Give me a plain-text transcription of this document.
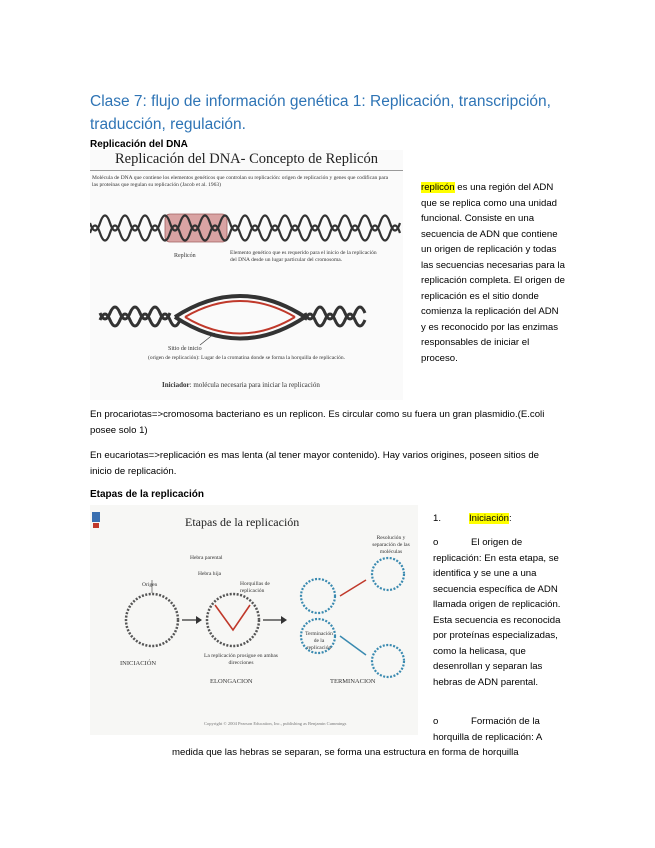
Clase 7: flujo de información genética 1: Replicación, transcripción, traducción, regulación.
Replicación del DNA
Replicación del DNA- Concepto de Replicón
Molécula de DNA que contiene los elementos genéticos que controlan su replicación: origen de replicación y genes que codifican para las proteínas que regulan su replicación (Jacob et al. 1963)
Replicón	Elemento genético que es requerido para el inicio de la replicación del DNA desde un lugar particular del cromosoma.
Sitio de inicio
(origen de replicación): Lugar de la cromatina donde se forma la horquilla de replicación.
Iniciador: molécula necesaria para iniciar la replicación
replicón es una región del ADN que se replica como una unidad funcional. Consiste en una secuencia de ADN que contiene un origen de replicación y todas las secuencias necesarias para la replicación completa. El origen de replicación es el sitio donde comienza la replicación del ADN y es reconocido por las enzimas responsables de iniciar el proceso.
En procariotas=>cromosoma bacteriano es un replicon. Es circular como su fuera un gran plasmidio.(E.coli posee solo 1)
En eucariotas=>replicación es mas lenta (al tener mayor contenido). Hay varios origines, poseen sitios de inicio de replicación.
Etapas de la replicación
Etapas de la replicación
Origen
Hebra parental
Hebra hija
Horquillas de replicación
Resolución y separación de las moléculas
Terminación de la replicación
La replicación prosigue en ambas direcciones
INICIACIÓN
ELONGACION	TERMINACION
Copyright © 2004 Pearson Education, Inc., publishing as Benjamin Cummings
1.	Iniciación:
o	El origen de replicación: En esta etapa, se identifica y se une a una secuencia específica de ADN llamada origen de replicación. Esta secuencia es reconocida por proteínas especializadas, como la helicasa, que desenrollan y separan las hebras de ADN parental.
o	Formación de la horquilla de replicación: A
medida que las hebras se separan, se forma una estructura en forma de horquilla
